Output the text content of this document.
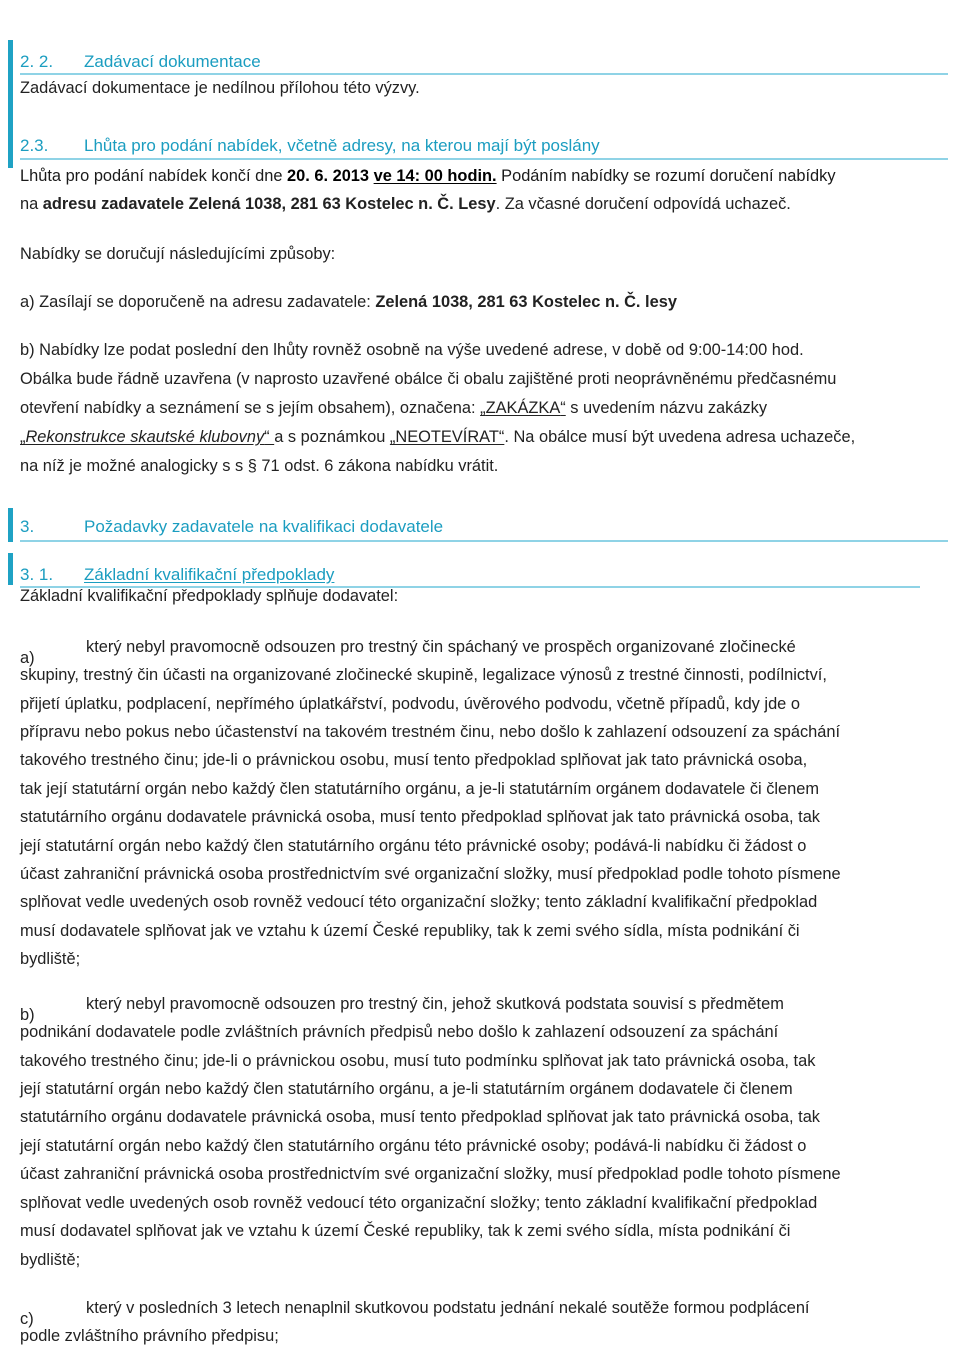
2. 2. Zadávací dokumentace
2.3. Lhůta pro podání nabídek, včetně adresy, na kterou mají být poslány
3.	Požadavky zadavatele na kvalifikaci dodavatele
3. 1. Základní kvalifikační předpoklady
a)
b)
c)
Zadávací dokumentace je nedílnou přílohou této výzvy.
Lhůta pro podání nabídek končí dne 20. 6. 2013 ve 14: 00 hodin. Podáním nabídky se rozumí doručení nabídky
na adresu zadavatele Zelená 1038, 281 63 Kostelec n. Č. Lesy. Za včasné doručení odpovídá uchazeč.
Nabídky se doručují následujícími způsoby:
a) Zasílají se doporučeně na adresu zadavatele: Zelená 1038, 281 63 Kostelec n. Č. lesy
b) Nabídky lze podat poslední den lhůty rovněž osobně na výše uvedené adrese, v době od 9:00-14:00 hod.
Obálka bude řádně uzavřena (v naprosto uzavřené obálce či obalu zajištěné proti neoprávněnému předčasnému
otevření nabídky a seznámení se s jejím obsahem), označena: „ZAKÁZKA“ s uvedením názvu zakázky
„Rekonstrukce skautské klubovny“ a s poznámkou „NEOTEVÍRAT“. Na obálce musí být uvedena adresa uchazeče,
na níž je možné analogicky s s § 71 odst. 6 zákona nabídku vrátit.
Základní kvalifikační předpoklady splňuje dodavatel:
který nebyl pravomocně odsouzen pro trestný čin spáchaný ve prospěch organizované zločinecké
skupiny, trestný čin účasti na organizované zločinecké skupině, legalizace výnosů z trestné činnosti, podílnictví,
přijetí úplatku, podplacení, nepřímého úplatkářství, podvodu, úvěrového podvodu, včetně případů, kdy jde o
přípravu nebo pokus nebo účastenství na takovém trestném činu, nebo došlo k zahlazení odsouzení za spáchání
takového trestného činu; jde-li o právnickou osobu, musí tento předpoklad splňovat jak tato právnická osoba,
tak její statutární orgán nebo každý člen statutárního orgánu, a je-li statutárním orgánem dodavatele či členem
statutárního orgánu dodavatele právnická osoba, musí tento předpoklad splňovat jak tato právnická osoba, tak
její statutární orgán nebo každý člen statutárního orgánu této právnické osoby; podává-li nabídku či žádost o
účast zahraniční právnická osoba prostřednictvím své organizační složky, musí předpoklad podle tohoto písmene
splňovat vedle uvedených osob rovněž vedoucí této organizační složky; tento základní kvalifikační předpoklad
musí dodavatele splňovat jak ve vztahu k území České republiky, tak k zemi svého sídla, místa podnikání či
bydliště;
který nebyl pravomocně odsouzen pro trestný čin, jehož skutková podstata souvisí s předmětem
podnikání dodavatele podle zvláštních právních předpisů nebo došlo k zahlazení odsouzení za spáchání
takového trestného činu; jde-li o právnickou osobu, musí tuto podmínku splňovat jak tato právnická osoba, tak
její statutární orgán nebo každý člen statutárního orgánu, a je-li statutárním orgánem dodavatele či členem
statutárního orgánu dodavatele právnická osoba, musí tento předpoklad splňovat jak tato právnická osoba, tak
její statutární orgán nebo každý člen statutárního orgánu této právnické osoby; podává-li nabídku či žádost o
účast zahraniční právnická osoba prostřednictvím své organizační složky, musí předpoklad podle tohoto písmene
splňovat vedle uvedených osob rovněž vedoucí této organizační složky; tento základní kvalifikační předpoklad
musí dodavatel splňovat jak ve vztahu k území České republiky, tak k zemi svého sídla, místa podnikání či
bydliště;
který v posledních 3 letech nenaplnil skutkovou podstatu jednání nekalé soutěže formou podplácení
podle zvláštního právního předpisu;
